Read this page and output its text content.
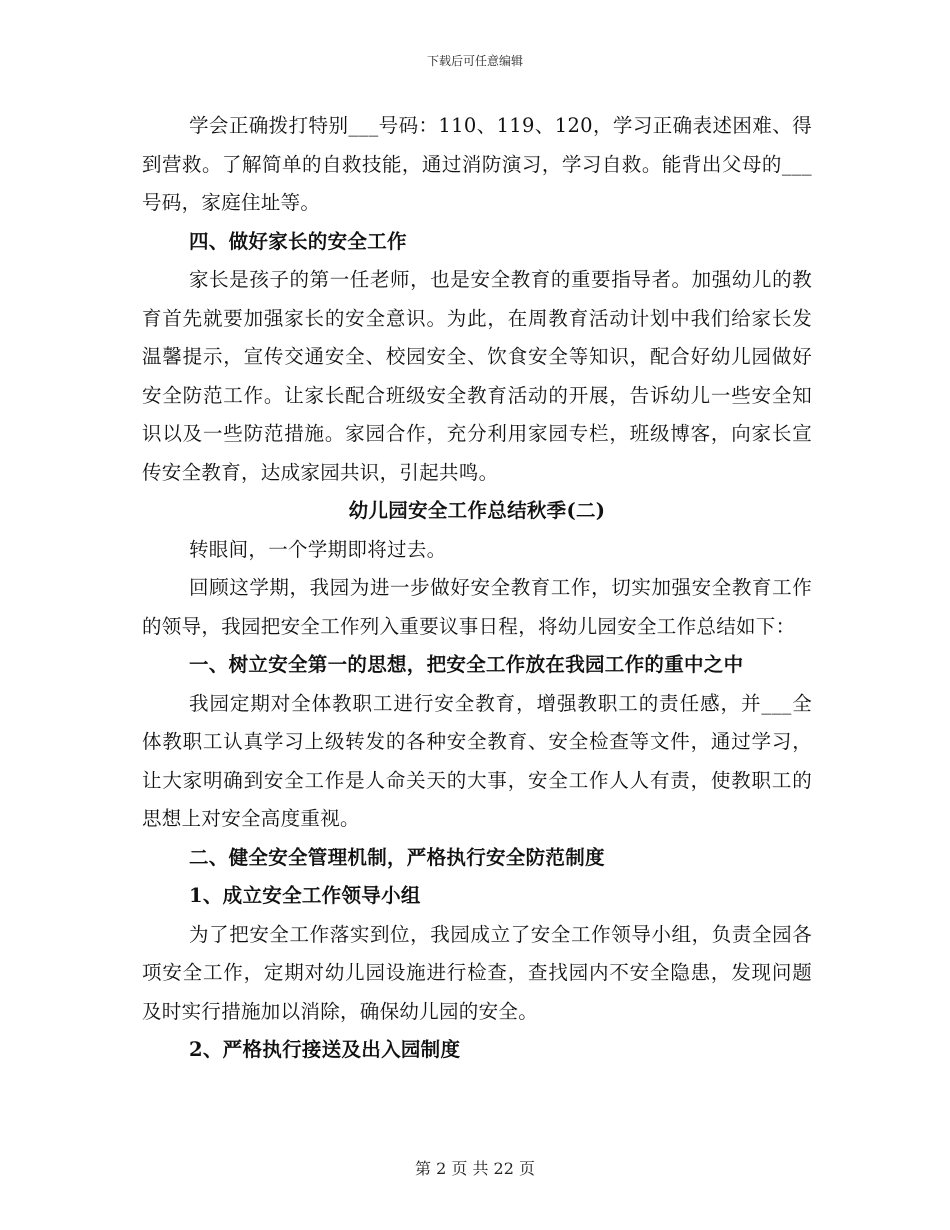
下载后可任意编辑

学会正确拨打特别___号码：110、119、120，学习正确表述困难、得到营救。了解简单的自救技能，通过消防演习，学习自救。能背出父母的___号码，家庭住址等。

四、做好家长的安全工作

家长是孩子的第一任老师，也是安全教育的重要指导者。加强幼儿的教育首先就要加强家长的安全意识。为此，在周教育活动计划中我们给家长发温馨提示，宣传交通安全、校园安全、饮食安全等知识，配合好幼儿园做好安全防范工作。让家长配合班级安全教育活动的开展，告诉幼儿一些安全知识以及一些防范措施。家园合作，充分利用家园专栏，班级博客，向家长宣传安全教育，达成家园共识，引起共鸣。

幼儿园安全工作总结秋季(二)

转眼间，一个学期即将过去。

回顾这学期，我园为进一步做好安全教育工作，切实加强安全教育工作的领导，我园把安全工作列入重要议事日程，将幼儿园安全工作总结如下：

一、树立安全第一的思想，把安全工作放在我园工作的重中之中

我园定期对全体教职工进行安全教育，增强教职工的责任感，并___全体教职工认真学习上级转发的各种安全教育、安全检查等文件，通过学习，让大家明确到安全工作是人命关天的大事，安全工作人人有责，使教职工的思想上对安全高度重视。

二、健全安全管理机制，严格执行安全防范制度

1、成立安全工作领导小组

为了把安全工作落实到位，我园成立了安全工作领导小组，负责全园各项安全工作，定期对幼儿园设施进行检查，查找园内不安全隐患，发现问题及时实行措施加以消除，确保幼儿园的安全。

2、严格执行接送及出入园制度

第 2 页 共 22 页
